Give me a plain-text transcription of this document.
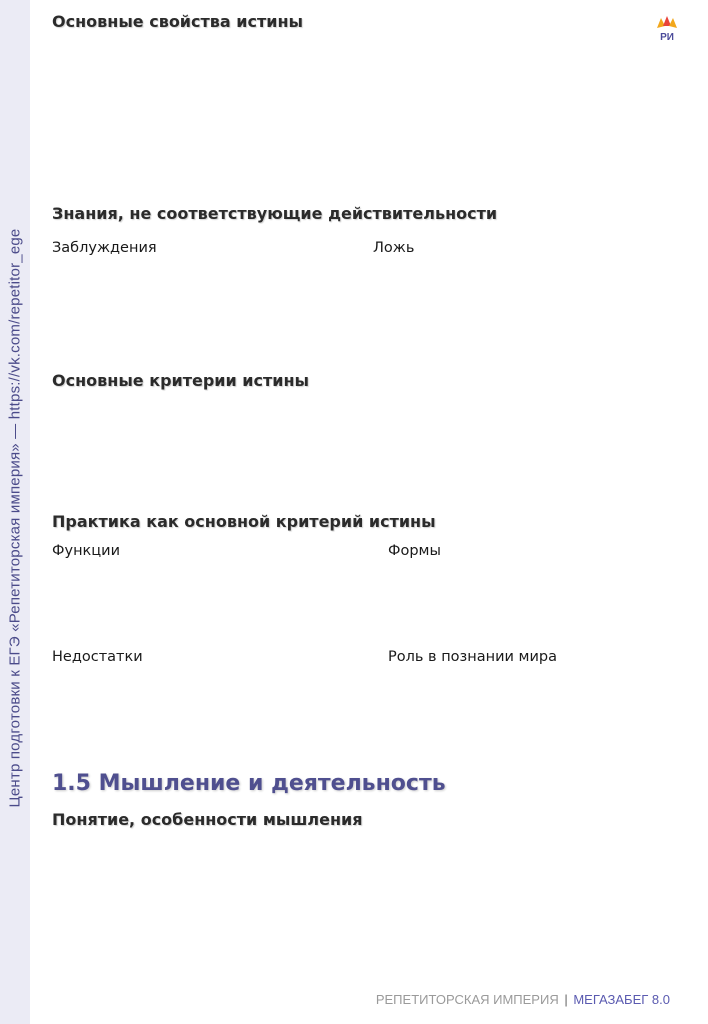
Центр подготовки к ЕГЭ «Репетиторская империя» — https://vk.com/repetitor_ege
РИ
Основные свойства истины
Знания, не соответствующие действительности

Заблуждения	Ложь

Основные критерии истины
Практика как основной критерий истины

Функции	Формы

Недостатки	Роль в познании мира

1.5 Мышление и деятельность
Понятие, особенности мышления
РЕПЕТИТОРСКАЯ ИМПЕРИЯ | МЕГАЗАБЕГ 8.0
